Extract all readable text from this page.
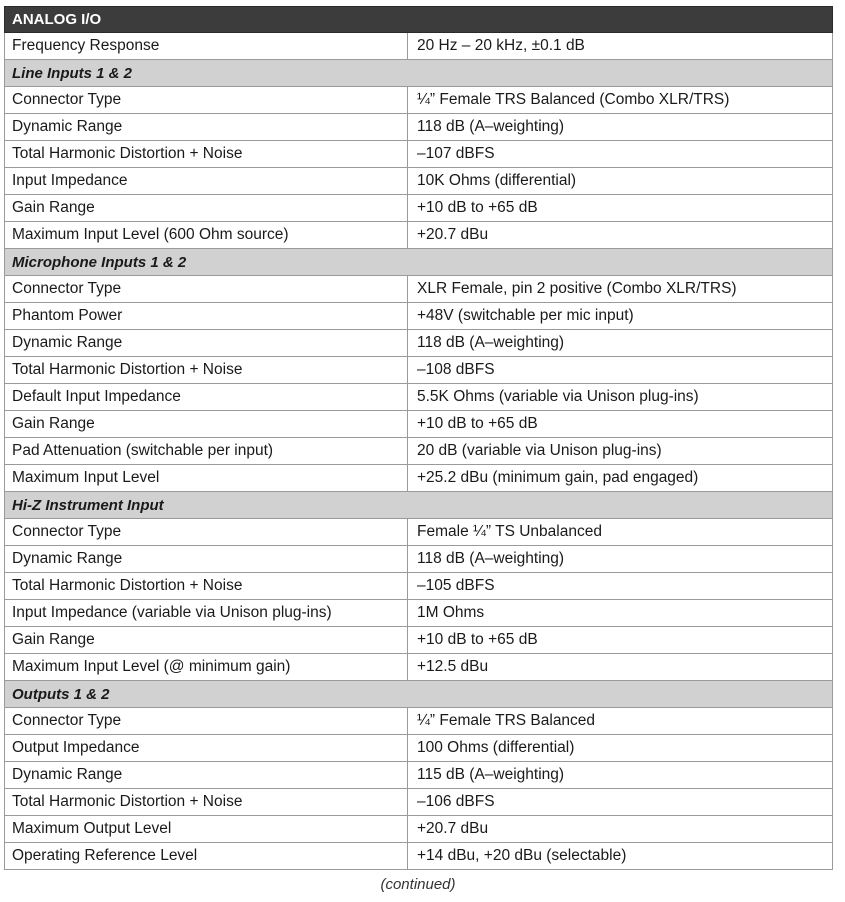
ANALOG I/O	
Frequency Response	20 Hz – 20 kHz, ±0.1 dB
Line Inputs 1 & 2	
Connector Type	¼” Female TRS Balanced (Combo XLR/TRS)
Dynamic Range	118 dB (A–weighting)
Total Harmonic Distortion + Noise	–107 dBFS
Input Impedance	10K Ohms (differential)
Gain Range	+10 dB to +65 dB
Maximum Input Level (600 Ohm source)	+20.7 dBu
Microphone Inputs 1 & 2	
Connector Type	XLR Female, pin 2 positive (Combo XLR/TRS)
Phantom Power	+48V (switchable per mic input)
Dynamic Range	118 dB (A–weighting)
Total Harmonic Distortion + Noise	–108 dBFS
Default Input Impedance	5.5K Ohms (variable via Unison plug-ins)
Gain Range	+10 dB to +65 dB
Pad Attenuation (switchable per input)	20 dB (variable via Unison plug-ins)
Maximum Input Level	+25.2 dBu (minimum gain, pad engaged)
Hi-Z Instrument Input	
Connector Type	Female ¼” TS Unbalanced
Dynamic Range	118 dB (A–weighting)
Total Harmonic Distortion + Noise	–105 dBFS
Input Impedance (variable via Unison plug-ins)	1M Ohms
Gain Range	+10 dB to +65 dB
Maximum Input Level (@ minimum gain)	+12.5 dBu
Outputs 1 & 2	
Connector Type	¼” Female TRS Balanced
Output Impedance	100 Ohms (differential)
Dynamic Range	115 dB (A–weighting)
Total Harmonic Distortion + Noise	–106 dBFS
Maximum Output Level	+20.7 dBu
Operating Reference Level	+14 dBu, +20 dBu (selectable)
(continued)
